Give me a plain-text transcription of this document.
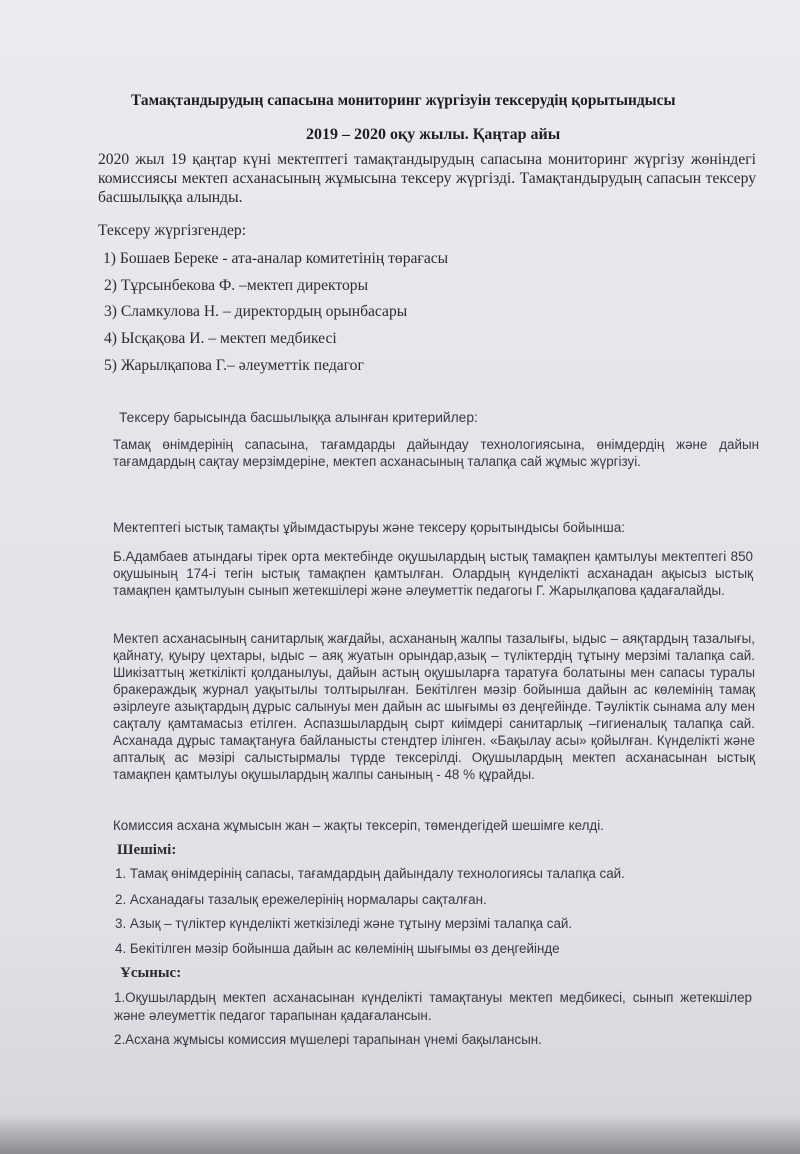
Тамақтандырудың сапасына мониторинг жүргізуін тексерудің қорытындысы
2019 – 2020 оқу жылы. Қаңтар айы
2020 жыл 19 қаңтар күні мектептегі тамақтандырудың сапасына мониторинг жүргізу жөніндегі комиссиясы мектеп асханасының жұмысына тексеру жүргізді. Тамақтандырудың сапасын тексеру басшылыққа алынды.
Тексеру жүргізгендер:
1) Бошаев Береке - ата-аналар комитетінің төрағасы
2) Тұрсынбекова Ф. –мектеп директоры
3) Сламкулова Н. – директордың орынбасары
4) Ысқақова И. – мектеп медбикесі
5) Жарылқапова Г.– әлеуметтік педагог
Тексеру барысында басшылыққа алынған критерийлер:
Тамақ өнімдерінің сапасына, тағамдарды дайындау технологиясына, өнімдердің және дайын тағамдардың сақтау мерзімдеріне, мектеп асханасының талапқа сай жұмыс жүргізуі.
Мектептегі ыстық тамақты ұйымдастыруы және тексеру қорытындысы бойынша:
Б.Адамбаев атындағы тірек орта мектебінде оқушылардың ыстық тамақпен қамтылуы мектептегі 850 оқушының 174-і тегін ыстық тамақпен қамтылған. Олардың күнделікті асханадан ақысыз ыстық тамақпен қамтылуын сынып жетекшілері және әлеуметтік педагогы Г. Жарылқапова қадағалайды.
Мектеп асханасының санитарлық жағдайы, асхананың жалпы тазалығы, ыдыс – аяқтардың тазалығы, қайнату, қуыру цехтары, ыдыс – аяқ жуатын орындар,азық – түліктердің тұтыну мерзімі талапқа сай. Шикізаттың жеткілікті қолданылуы, дайын астың оқушыларға таратуға болатыны мен сапасы туралы бракераждық журнал уақытылы толтырылған. Бекітілген мәзір бойынша дайын ас көлемінің тамақ әзірлеуге азықтардың дұрыс салынуы мен дайын ас шығымы өз деңгейінде. Тәуліктік сынама алу мен сақталу қамтамасыз етілген. Аспазшылардың сырт киімдері санитарлық –гигиеналық талапқа сай. Асханада дұрыс тамақтануға байланысты стендтер ілінген. «Бақылау асы» қойылған. Күнделікті және апталық ас мәзірі салыстырмалы түрде тексерілді. Оқушылардың мектеп асханасынан ыстық тамақпен қамтылуы оқушылардың жалпы санының - 48 % құрайды.
Комиссия асхана жұмысын жан – жақты тексеріп, төмендегідей шешімге келді.
Шешімі:
1. Тамақ өнімдерінің сапасы, тағамдардың дайындалу технологиясы талапқа сай.
2. Асханадағы тазалық ережелерінің нормалары сақталған.
3. Азық – түліктер күнделікті жеткізіледі және тұтыну мерзімі талапқа сай.
4. Бекітілген мәзір бойынша дайын ас көлемінің шығымы өз деңгейінде
Ұсыныс:
1.Оқушылардың мектеп асханасынан күнделікті тамақтануы мектеп медбикесі, сынып жетекшілер және әлеуметтік педагог тарапынан қадағалансын.
2.Асхана жұмысы комиссия мүшелері тарапынан үнемі бақылансын.
